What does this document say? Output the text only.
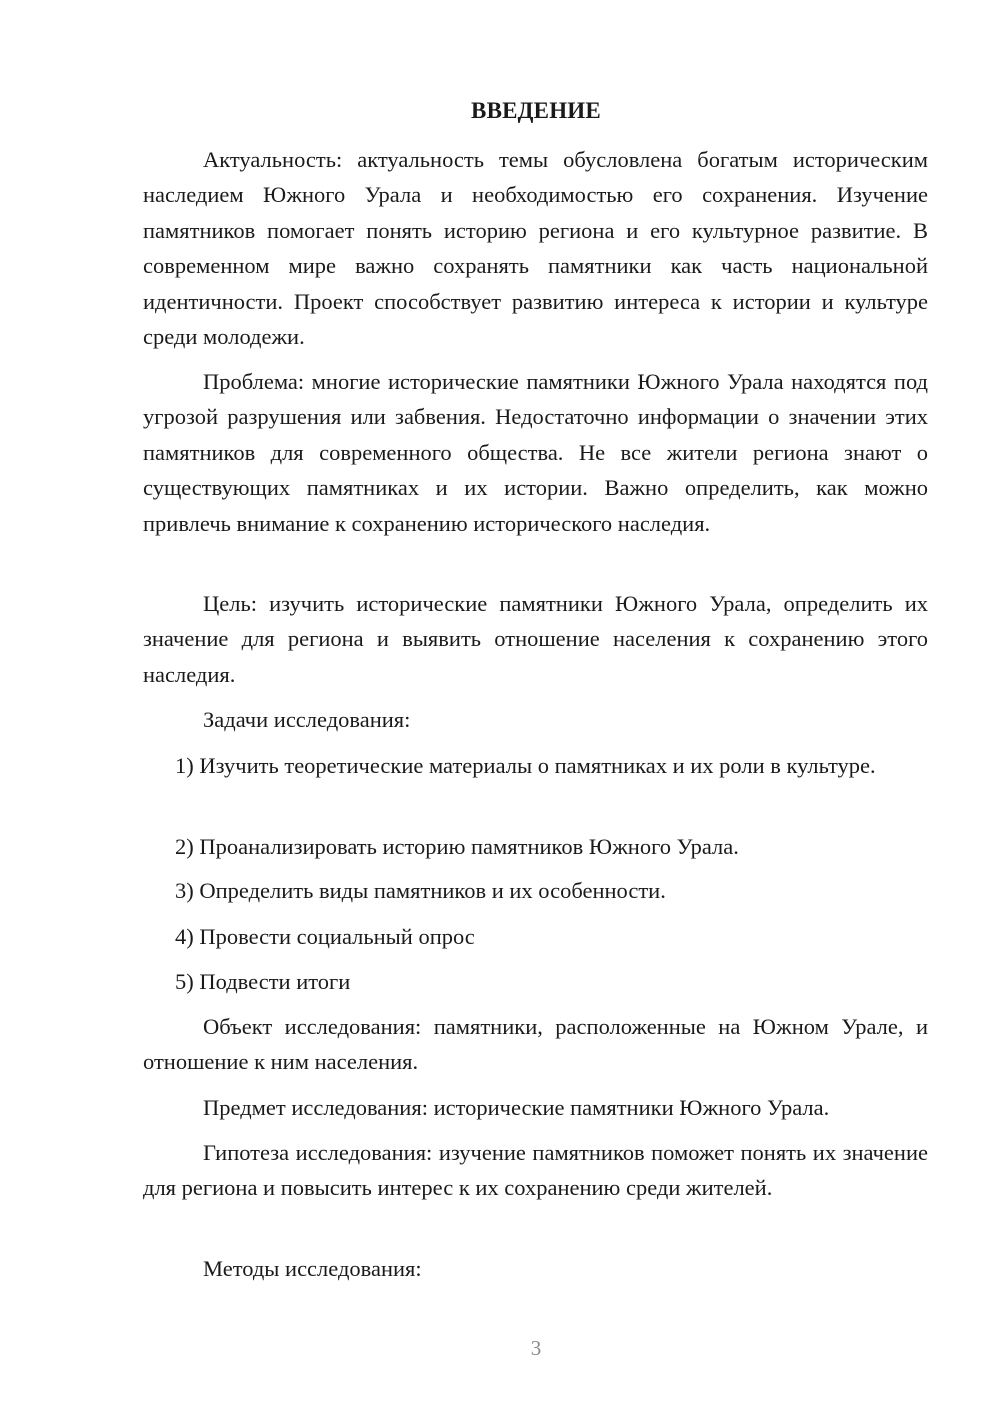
ВВЕДЕНИЕ

Актуальность: актуальность темы обусловлена богатым историческим наследием Южного Урала и необходимостью его сохранения. Изучение памятников помогает понять историю региона и его культурное развитие. В современном мире важно сохранять памятники как часть национальной идентичности. Проект способствует развитию интереса к истории и культуре среди молодежи.

Проблема: многие исторические памятники Южного Урала находятся под угрозой разрушения или забвения. Недостаточно информации о значении этих памятников для современного общества. Не все жители региона знают о существующих памятниках и их истории. Важно определить, как можно привлечь внимание к сохранению исторического наследия.

Цель: изучить исторические памятники Южного Урала, определить их значение для региона и выявить отношение населения к сохранению этого наследия.

Задачи исследования:

1) Изучить теоретические материалы о памятниках и их роли в культуре.

2) Проанализировать историю памятников Южного Урала.

3) Определить виды памятников и их особенности.

4) Провести социальный опрос

5) Подвести итоги

Объект исследования: памятники, расположенные на Южном Урале, и отношение к ним населения.

Предмет исследования: исторические памятники Южного Урала.

Гипотеза исследования: изучение памятников поможет понять их значение для региона и повысить интерес к их сохранению среди жителей.

Методы исследования:

3
